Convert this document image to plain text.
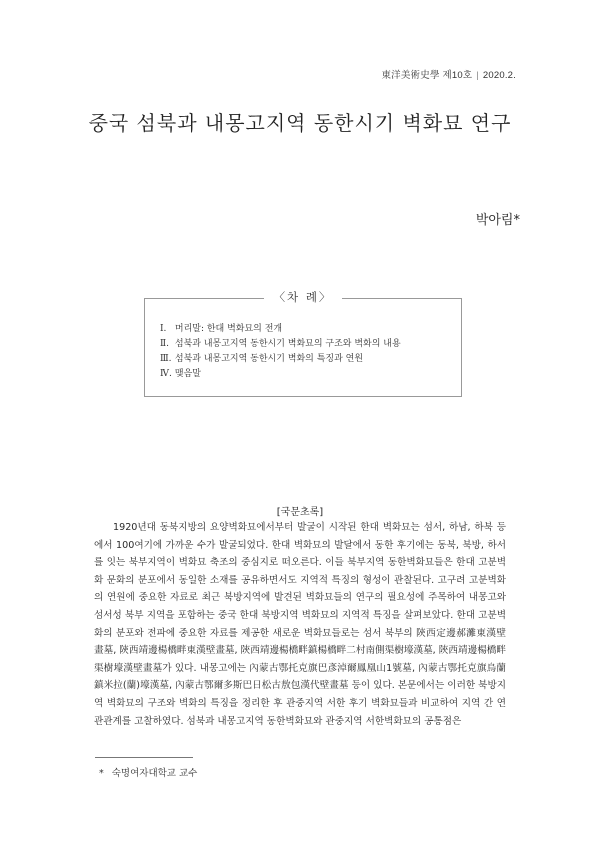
東洋美術史學 제10호 | 2020.2.
중국 섬북과 내몽고지역 동한시기 벽화묘 연구
박아림*
〈차 례〉
Ⅰ. 머리말: 한대 벽화묘의 전개
Ⅱ. 섬북과 내몽고지역 동한시기 벽화묘의 구조와 벽화의 내용
Ⅲ. 섬북과 내몽고지역 동한시기 벽화의 특징과 연원
Ⅳ. 맺음말
[국문초록]

1920년대 동북지방의 요양벽화묘에서부터 발굴이 시작된 한대 벽화묘는 섬서, 하남, 하북 등에서 100여기에 가까운 수가 발굴되었다. 한대 벽화묘의 발달에서 동한 후기에는 동북, 북방, 하서를 잇는 북부지역이 벽화묘 축조의 중심지로 떠오른다. 이들 북부지역 동한벽화묘들은 한대 고분벽화 문화의 분포에서 동일한 소재를 공유하면서도 지역적 특징의 형성이 관찰된다. 고구려 고분벽화의 연원에 중요한 자료로 최근 북방지역에 발견된 벽화묘들의 연구의 필요성에 주목하여 내몽고와 섬서성 북부 지역을 포함하는 중국 한대 북방지역 벽화묘의 지역적 특징을 살펴보았다. 한대 고분벽화의 분포와 전파에 중요한 자료를 제공한 새로운 벽화묘들로는 섬서 북부의 陝西定邊郝灘東漢壁畫墓, 陝西靖邊楊橋畔東漢壁畫墓, 陝西靖邊楊橋畔鎮楊橋畔二村南側渠樹壕漢墓, 陝西靖邊楊橋畔渠樹壕漢壁畫墓가 있다. 내몽고에는 內蒙古鄂托克旗巴彥淖爾鳳凰山1號墓, 內蒙古鄂托克旗烏蘭鎮米拉(蘭)壕漢墓, 內蒙古鄂爾多斯巴日松古敖包漢代壁畫墓 등이 있다. 본문에서는 이러한 북방지역 벽화묘의 구조와 벽화의 특징을 정리한 후 관중지역 서한 후기 벽화묘들과 비교하여 지역 간 연관관계를 고찰하였다. 섬북과 내몽고지역 동한벽화묘와 관중지역 서한벽화묘의 공통점은

* 숙명여자대학교 교수
